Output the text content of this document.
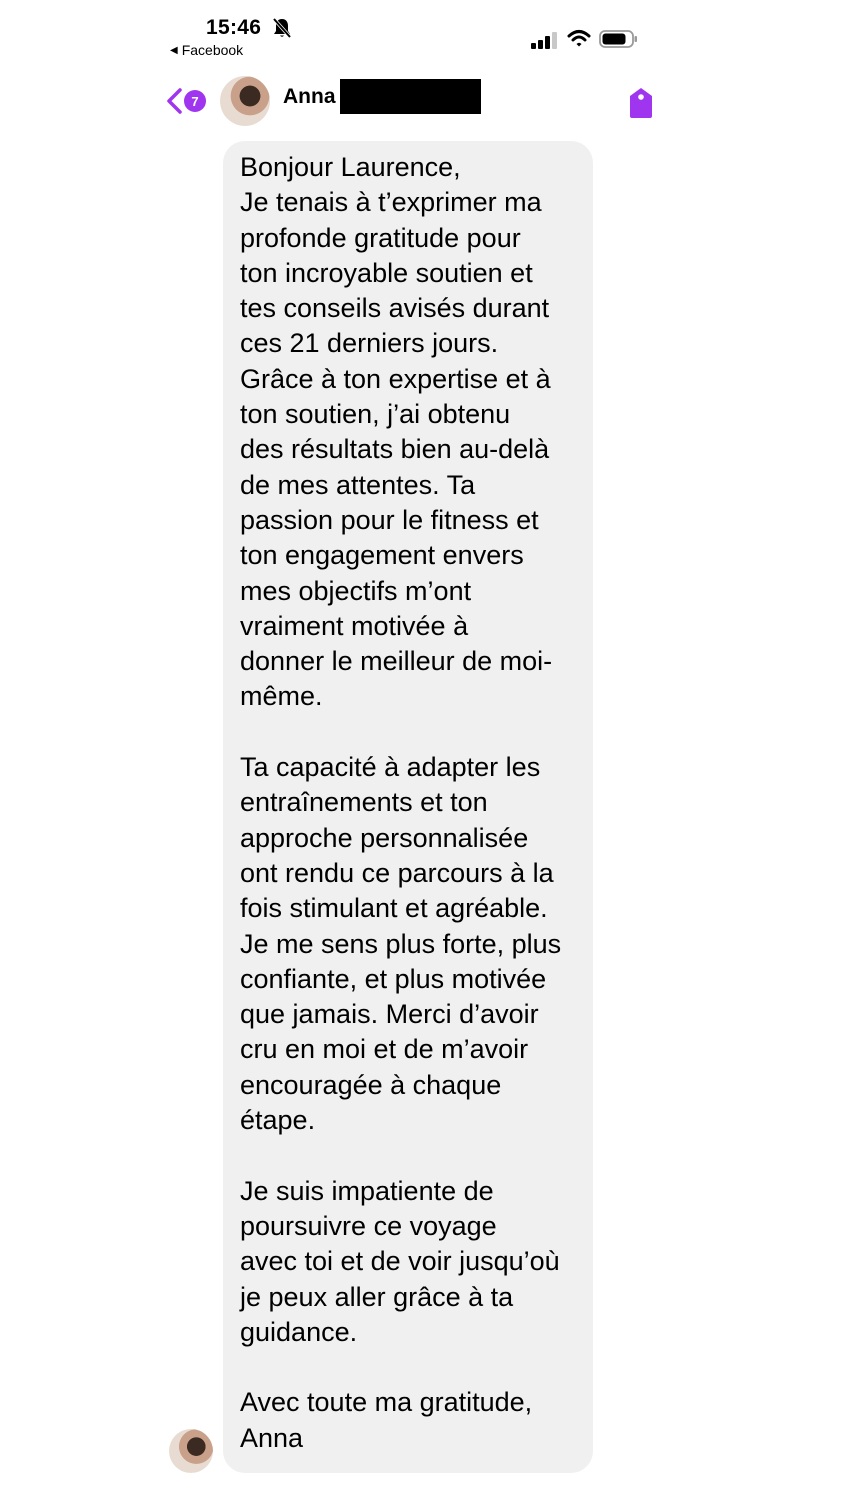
15:46
◀ Facebook
7	Anna

Bonjour Laurence,
Je tenais à t’exprimer ma
profonde gratitude pour
ton incroyable soutien et
tes conseils avisés durant
ces 21 derniers jours.
Grâce à ton expertise et à
ton soutien, j’ai obtenu
des résultats bien au-delà
de mes attentes. Ta
passion pour le fitness et
ton engagement envers
mes objectifs m’ont
vraiment motivée à
donner le meilleur de moi-
même.

Ta capacité à adapter les
entraînements et ton
approche personnalisée
ont rendu ce parcours à la
fois stimulant et agréable.
Je me sens plus forte, plus
confiante, et plus motivée
que jamais. Merci d’avoir
cru en moi et de m’avoir
encouragée à chaque
étape.

Je suis impatiente de
poursuivre ce voyage
avec toi et de voir jusqu’où
je peux aller grâce à ta
guidance.

Avec toute ma gratitude,
Anna
